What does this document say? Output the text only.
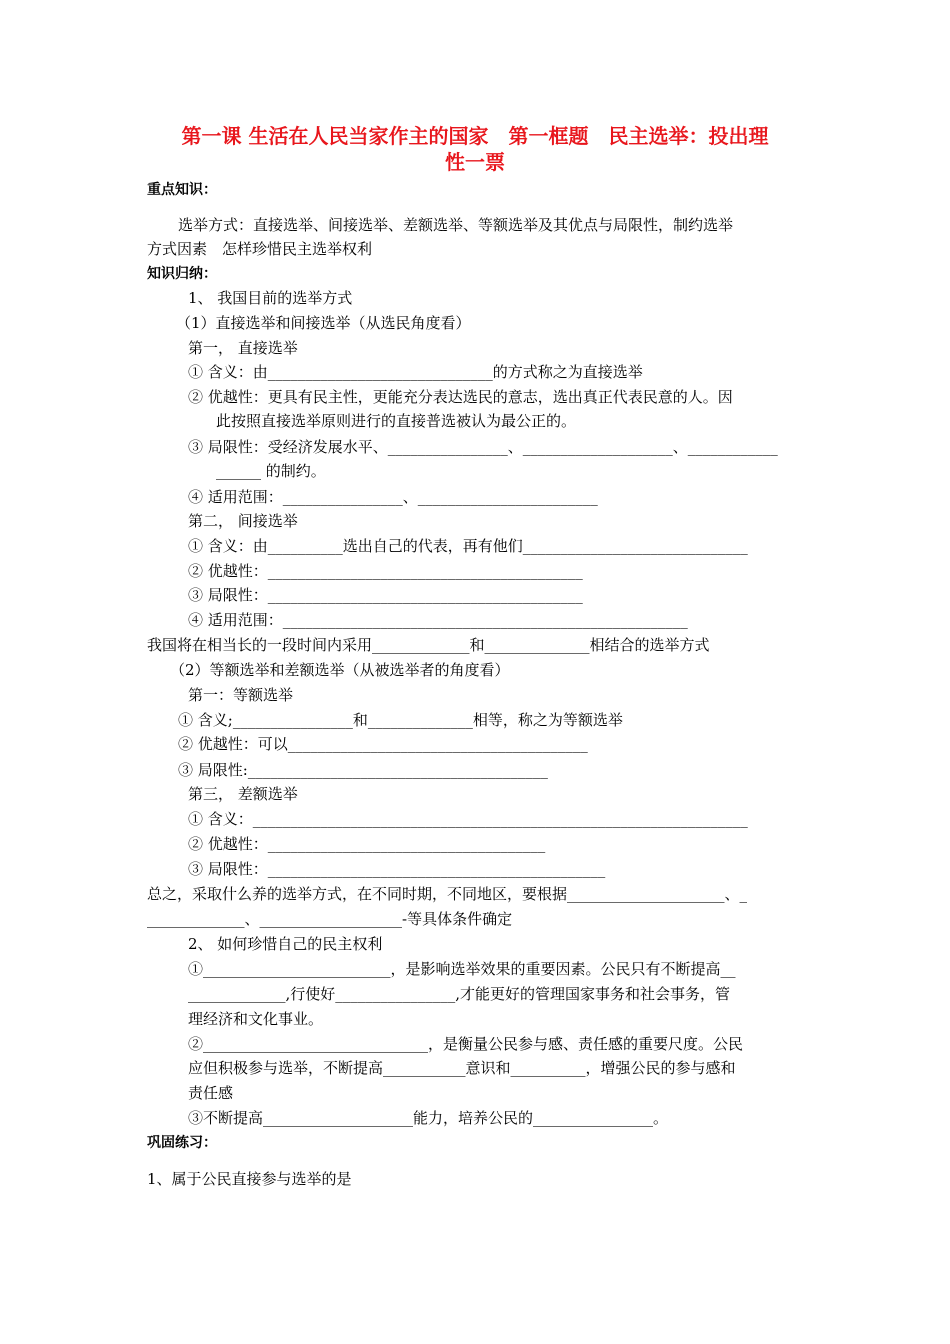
第一课 生活在人民当家作主的国家　第一框题　民主选举：投出理
性一票
重点知识：
选举方式：直接选举、间接选举、差额选举、等额选举及其优点与局限性，制约选举
方式因素　怎样珍惜民主选举权利
知识归纳：
1、 我国目前的选举方式
（1）直接选举和间接选举（从选民角度看）
第一， 直接选举
① 含义：由______________________________的方式称之为直接选举
② 优越性：更具有民主性，更能充分表达选民的意志，选出真正代表民意的人。因
此按照直接选举原则进行的直接普选被认为最公正的。
③ 局限性：受经济发展水平、________________、____________________、____________
______ 的制约。
④ 适用范围：________________、________________________
第二， 间接选举
① 含义：由__________选出自己的代表，再有他们______________________________
② 优越性：__________________________________________
③ 局限性：__________________________________________
④ 适用范围：______________________________________________________
我国将在相当长的一段时间内采用_____________和______________相结合的选举方式
（2）等额选举和差额选举（从被选举者的角度看）
第一：等额选举
① 含义;________________和______________相等，称之为等额选举
② 优越性：可以________________________________________
③ 局限性:________________________________________
第三， 差额选举
① 含义：__________________________________________________________________
② 优越性：_____________________________________
③ 局限性：_____________________________________________
总之，采取什么养的选举方式，在不同时期，不同地区，要根据_____________________、_
_____________、___________________-等具体条件确定
2、 如何珍惜自己的民主权利
①_________________________，是影响选举效果的重要因素。公民只有不断提高__
_____________,行使好________________,才能更好的管理国家事务和社会事务，管
理经济和文化事业。
②______________________________，是衡量公民参与感、责任感的重要尺度。公民
应但积极参与选举，不断提高___________意识和__________，增强公民的参与感和
责任感
③不断提高____________________能力，培养公民的________________。
巩固练习：
1、属于公民直接参与选举的是
